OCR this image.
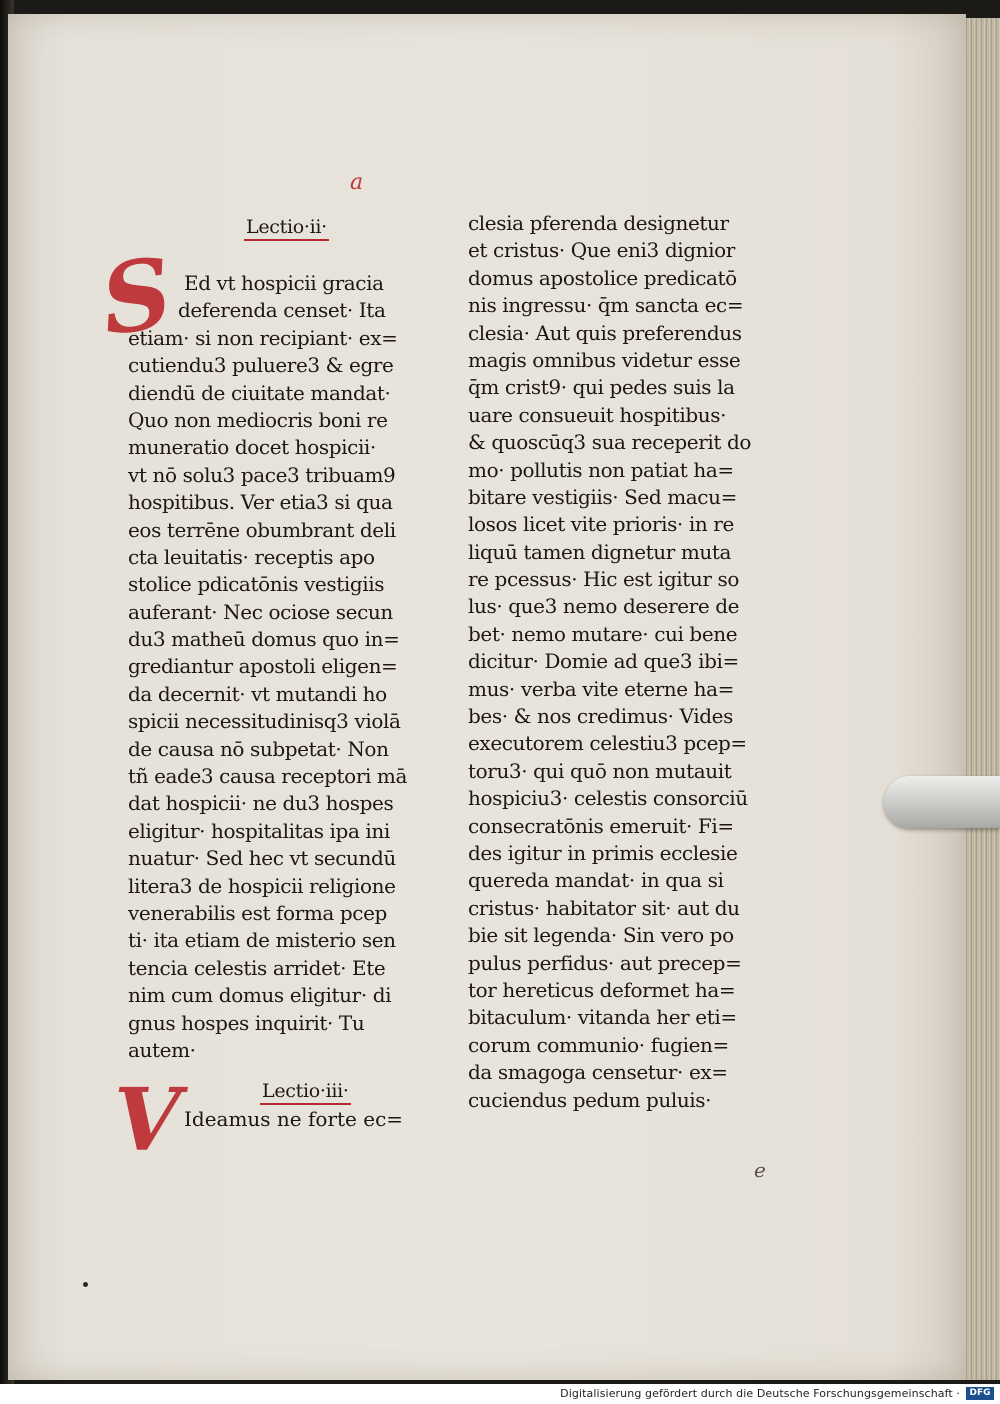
a
Lectio·ii·
S Ed vt hospicii gracia
deferenda censet· Ita
etiam· si non recipiant· ex=
cutiendu3 puluere3 & egre
diendū de ciuitate mandat·
Quo non mediocris boni re
muneratio docet hospicii·
vt nō solu3 pace3 tribuam9
hospitibus. Ver etia3 si qua
eos terrēne obumbrant deli
cta leuitatis· receptis apo
stolice pdicatōnis vestigiis
auferant· Nec ociose secun
du3 matheū domus quo in=
grediantur apostoli eligen=
da decernit· vt mutandi ho
spicii necessitudinisq3 violā
de causa nō subpetat· Non
tñ eade3 causa receptori mā
dat hospicii· ne du3 hospes
eligitur· hospitalitas ipa ini
nuatur· Sed hec vt secundū
litera3 de hospicii religione
venerabilis est forma pcep
ti· ita etiam de misterio sen
tencia celestis arridet· Ete
nim cum domus eligitur· di
gnus hospes inquirit· Tu
autem·
Lectio·iii·
V Ideamus ne forte ec=
clesia pferenda designetur
et cristus· Que eni3 dignior
domus apostolice predicatō
nis ingressu· q̄m sancta ec=
clesia· Aut quis preferendus
magis omnibus videtur esse
q̄m crist9· qui pedes suis la
uare consueuit hospitibus·
& quoscūq3 sua receperit do
mo· pollutis non patiat ha=
bitare vestigiis· Sed macu=
losos licet vite prioris· in re
liquū tamen dignetur muta
re pcessus· Hic est igitur so
lus· que3 nemo deserere de
bet· nemo mutare· cui bene
dicitur· Domie ad que3 ibi=
mus· verba vite eterne ha=
bes· & nos credimus· Vides
executorem celestiu3 pcep=
toru3· qui quō non mutauit
hospiciu3· celestis consorciū
consecratōnis emeruit· Fi=
des igitur in primis ecclesie
quereda mandat· in qua si
cristus· habitator sit· aut du
bie sit legenda· Sin vero po
pulus perfidus· aut precep=
tor hereticus deformet ha=
bitaculum· vitanda her eti=
corum communio· fugien=
da smagoga censetur· ex=
cuciendus pedum puluis·
e
Digitalisierung gefördert durch die Deutsche Forschungsgemeinschaft ·	DFG
